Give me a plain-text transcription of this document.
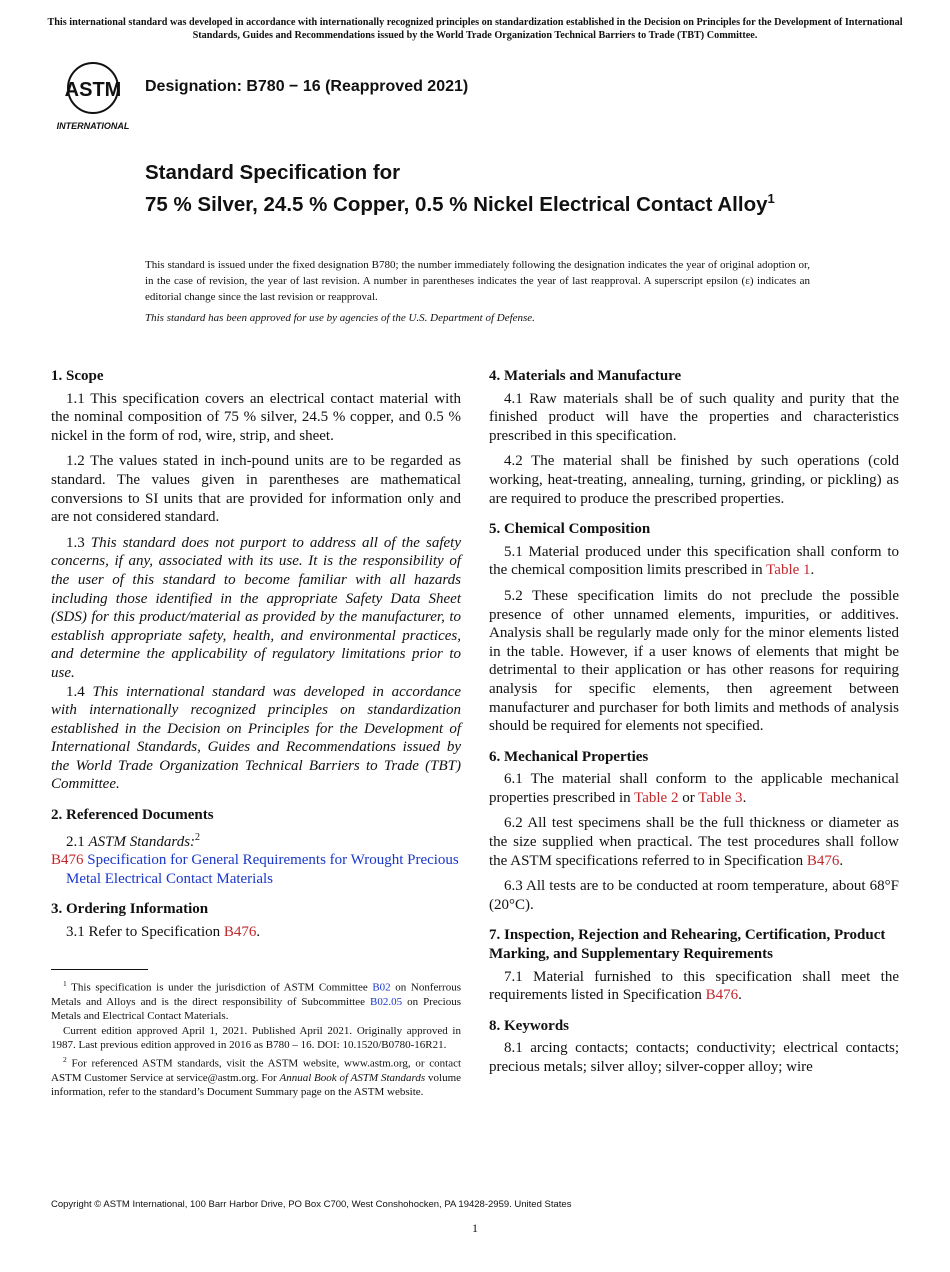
This international standard was developed in accordance with internationally recognized principles on standardization established in the Decision on Principles for the Development of International Standards, Guides and Recommendations issued by the World Trade Organization Technical Barriers to Trade (TBT) Committee.
ASTM
INTERNATIONAL
Designation: B780 − 16 (Reapproved 2021)
Standard Specification for
75 % Silver, 24.5 % Copper, 0.5 % Nickel Electrical Contact Alloy$^1$
This standard is issued under the fixed designation B780; the number immediately following the designation indicates the year of original adoption or, in the case of revision, the year of last revision. A number in parentheses indicates the year of last reapproval. A superscript epsilon (ε) indicates an editorial change since the last revision or reapproval.
This standard has been approved for use by agencies of the U.S. Department of Defense.
1. Scope
1.1 This specification covers an electrical contact material with the nominal composition of 75 % silver, 24.5 % copper, and 0.5 % nickel in the form of rod, wire, strip, and sheet.
1.2 The values stated in inch-pound units are to be regarded as standard. The values given in parentheses are mathematical conversions to SI units that are provided for information only and are not considered standard.
1.3 This standard does not purport to address all of the safety concerns, if any, associated with its use. It is the responsibility of the user of this standard to become familiar with all hazards including those identified in the appropriate Safety Data Sheet (SDS) for this product/material as provided by the manufacturer, to establish appropriate safety, health, and environmental practices, and determine the applicability of regulatory limitations prior to use.
1.4 This international standard was developed in accordance with internationally recognized principles on standardization established in the Decision on Principles for the Development of International Standards, Guides and Recommendations issued by the World Trade Organization Technical Barriers to Trade (TBT) Committee.
2. Referenced Documents
2.1 ASTM Standards:$^2$
B476 Specification for General Requirements for Wrought Precious Metal Electrical Contact Materials
3. Ordering Information
3.1 Refer to Specification B476.

$^1$ This specification is under the jurisdiction of ASTM Committee B02 on Nonferrous Metals and Alloys and is the direct responsibility of Subcommittee B02.05 on Precious Metals and Electrical Contact Materials.

Current edition approved April 1, 2021. Published April 2021. Originally approved in 1987. Last previous edition approved in 2016 as B780 – 16. DOI: 10.1520/B0780-16R21.

$^2$ For referenced ASTM standards, visit the ASTM website, www.astm.org, or contact ASTM Customer Service at service@astm.org. For Annual Book of ASTM Standards volume information, refer to the standard’s Document Summary page on the ASTM website.

4. Materials and Manufacture
4.1 Raw materials shall be of such quality and purity that the finished product will have the properties and characteristics prescribed in this specification.
4.2 The material shall be finished by such operations (cold working, heat-treating, annealing, turning, grinding, or pickling) as are required to produce the prescribed properties.
5. Chemical Composition
5.1 Material produced under this specification shall conform to the chemical composition limits prescribed in Table 1.
5.2 These specification limits do not preclude the possible presence of other unnamed elements, impurities, or additives. Analysis shall be regularly made only for the minor elements listed in the table. However, if a user knows of elements that might be detrimental to their application or has other reasons for requiring analysis for specific elements, then agreement between manufacturer and purchaser for both limits and methods of analysis should be required for elements not specified.
6. Mechanical Properties
6.1 The material shall conform to the applicable mechanical properties prescribed in Table 2 or Table 3.
6.2 All test specimens shall be the full thickness or diameter as the size supplied when practical. The test procedures shall follow the ASTM specifications referred to in Specification B476.
6.3 All tests are to be conducted at room temperature, about 68°F (20°C).
7. Inspection, Rejection and Rehearing, Certification, Product Marking, and Supplementary Requirements
7.1 Material furnished to this specification shall meet the requirements listed in Specification B476.
8. Keywords
8.1 arcing contacts; contacts; conductivity; electrical contacts; precious metals; silver alloy; silver-copper alloy; wire
Copyright © ASTM International, 100 Barr Harbor Drive, PO Box C700, West Conshohocken, PA 19428-2959. United States
1
